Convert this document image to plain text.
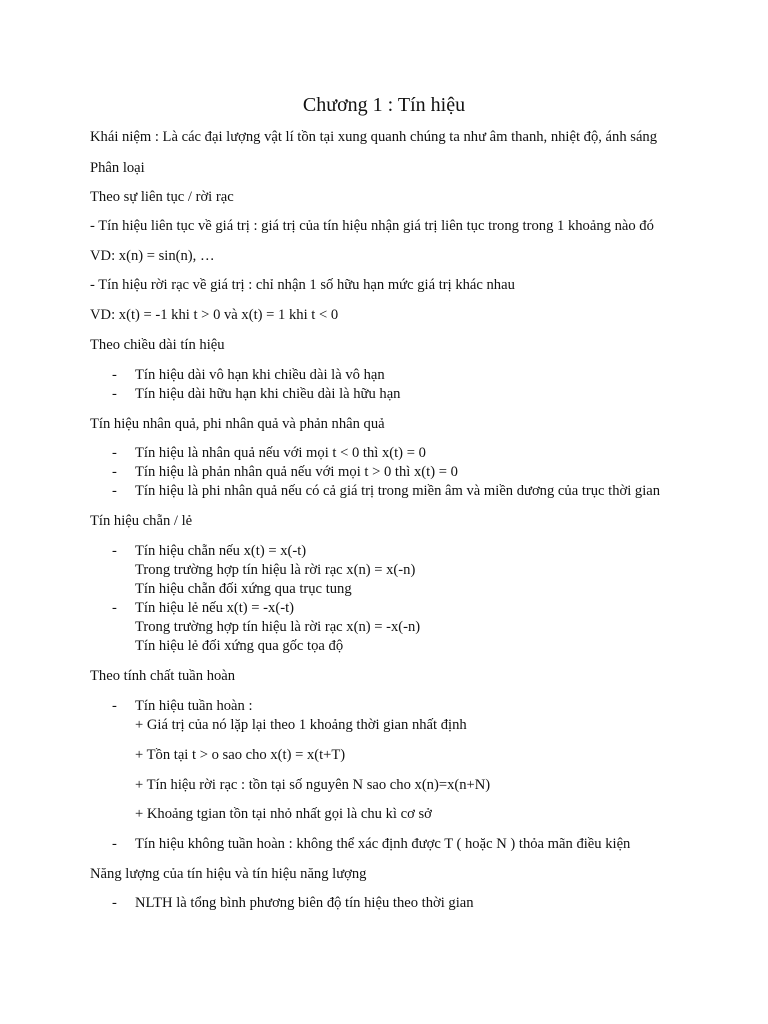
Chương 1 : Tín hiệu
Khái niệm : Là các đại lượng vật lí tồn tại xung quanh chúng ta như âm thanh, nhiệt độ, ánh sáng
Phân loại
Theo sự liên tục / rời rạc
- Tín hiệu liên tục về giá trị : giá trị của tín hiệu nhận giá trị liên tục trong trong 1 khoảng nào đó
VD: x(n) = sin(n), …
- Tín hiệu rời rạc về giá trị : chỉ nhận 1 số hữu hạn mức giá trị khác nhau
VD: x(t) = -1 khi t > 0 và x(t) = 1 khi t < 0
Theo chiều dài tín hiệu
- Tín hiệu dài vô hạn khi chiều dài là vô hạn
- Tín hiệu dài hữu hạn khi chiều dài là hữu hạn
Tín hiệu nhân quả, phi nhân quả và phản nhân quả
- Tín hiệu là nhân quả nếu với mọi t < 0 thì x(t) = 0
- Tín hiệu là phản nhân quả nếu với mọi t > 0 thì x(t) = 0
- Tín hiệu là phi nhân quả nếu có cả giá trị trong miền âm và miền dương của trục thời gian
Tín hiệu chẵn / lẻ
- Tín hiệu chẵn nếu x(t) = x(-t)
Trong trường hợp tín hiệu là rời rạc x(n) = x(-n)
Tín hiệu chẵn đối xứng qua trục tung
- Tín hiệu lẻ nếu x(t) = -x(-t)
Trong trường hợp tín hiệu là rời rạc x(n) = -x(-n)
Tín hiệu lẻ đối xứng qua gốc tọa độ
Theo tính chất tuần hoàn
- Tín hiệu tuần hoàn :
+ Giá trị của nó lặp lại theo 1 khoảng thời gian nhất định
+ Tồn tại t > o sao cho x(t) = x(t+T)
+ Tín hiệu rời rạc : tồn tại số nguyên N sao cho x(n)=x(n+N)
+ Khoảng tgian tồn tại nhỏ nhất gọi là chu kì cơ sở
- Tín hiệu không tuần hoàn : không thể xác định được T ( hoặc N ) thỏa mãn điều kiện
Năng lượng của tín hiệu và tín hiệu năng lượng
- NLTH là tổng bình phương biên độ tín hiệu theo thời gian
